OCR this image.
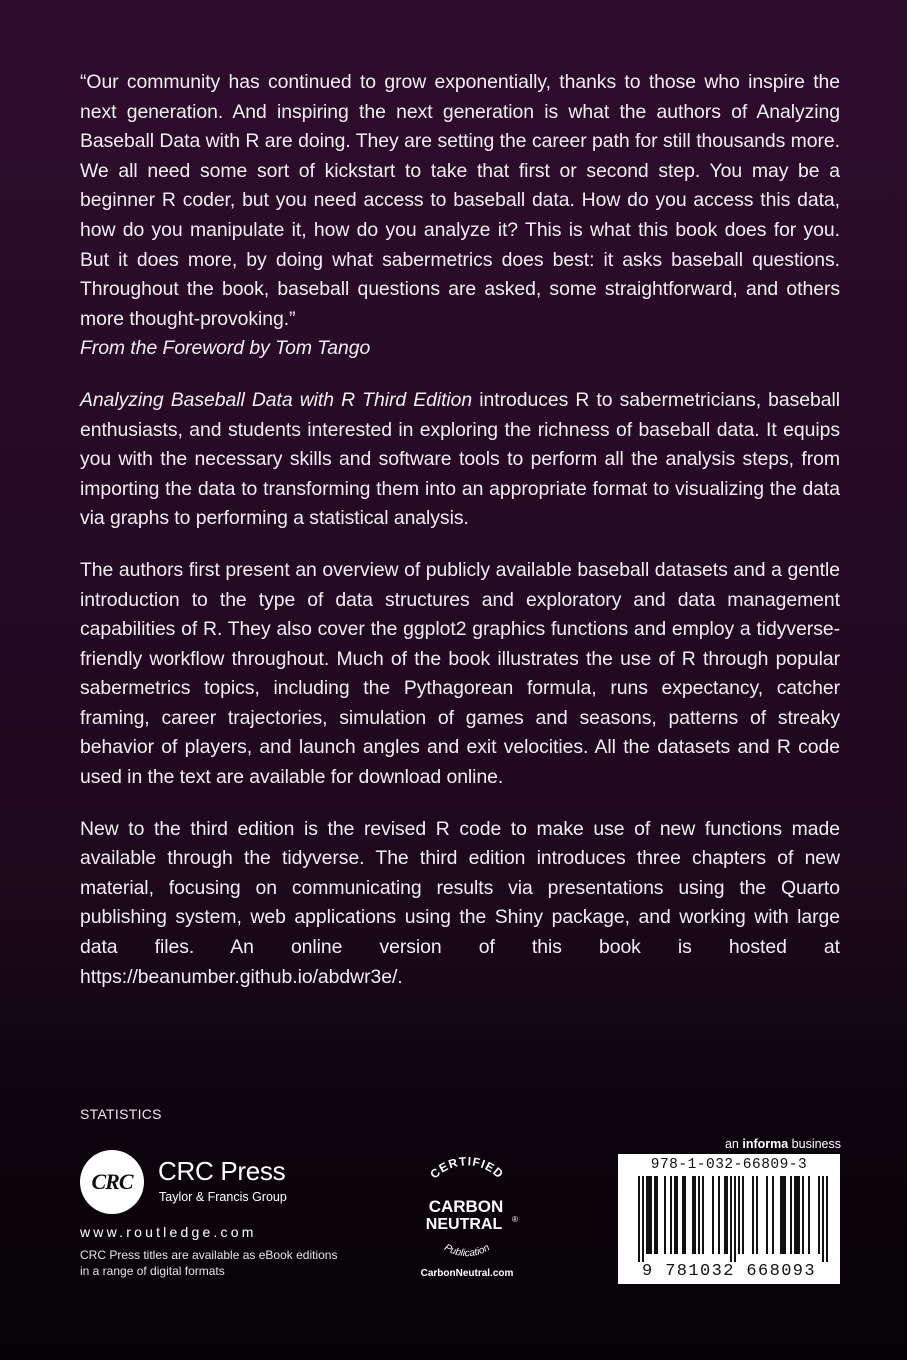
“Our community has continued to grow exponentially, thanks to those who inspire the next generation. And inspiring the next generation is what the authors of Analyzing Baseball Data with R are doing. They are setting the career path for still thousands more. We all need some sort of kickstart to take that first or second step. You may be a beginner R coder, but you need access to baseball data. How do you access this data, how do you manipulate it, how do you analyze it? This is what this book does for you. But it does more, by doing what sabermetrics does best: it asks baseball questions. Throughout the book, baseball questions are asked, some straightforward, and others more thought-provoking.”
From the Foreword by Tom Tango

Analyzing Baseball Data with R Third Edition introduces R to sabermetricians, baseball enthusiasts, and students interested in exploring the richness of baseball data. It equips you with the necessary skills and software tools to perform all the analysis steps, from importing the data to transforming them into an appropriate format to visualizing the data via graphs to performing a statistical analysis.

The authors first present an overview of publicly available baseball datasets and a gentle introduction to the type of data structures and exploratory and data management capabilities of R. They also cover the ggplot2 graphics functions and employ a tidyverse-friendly workflow throughout. Much of the book illustrates the use of R through popular sabermetrics topics, including the Pythagorean formula, runs expectancy, catcher framing, career trajectories, simulation of games and seasons, patterns of streaky behavior of players, and launch angles and exit velocities. All the datasets and R code used in the text are available for download online.

New to the third edition is the revised R code to make use of new functions made available through the tidyverse. The third edition introduces three chapters of new material, focusing on communicating results via presentations using the Quarto publishing system, web applications using the Shiny package, and working with large data files. An online version of this book is hosted at https://beanumber.github.io/abdwr3e/.

STATISTICS
CRC CRC Press
Taylor & Francis Group
www.routledge.com
CRC Press titles are available as eBook editions in a range of digital formats
CERTIFIED
CARBON
NEUTRAL ®
Publication
CarbonNeutral.com
an informa business
978-1-032-66809-3
9 781032 668093
